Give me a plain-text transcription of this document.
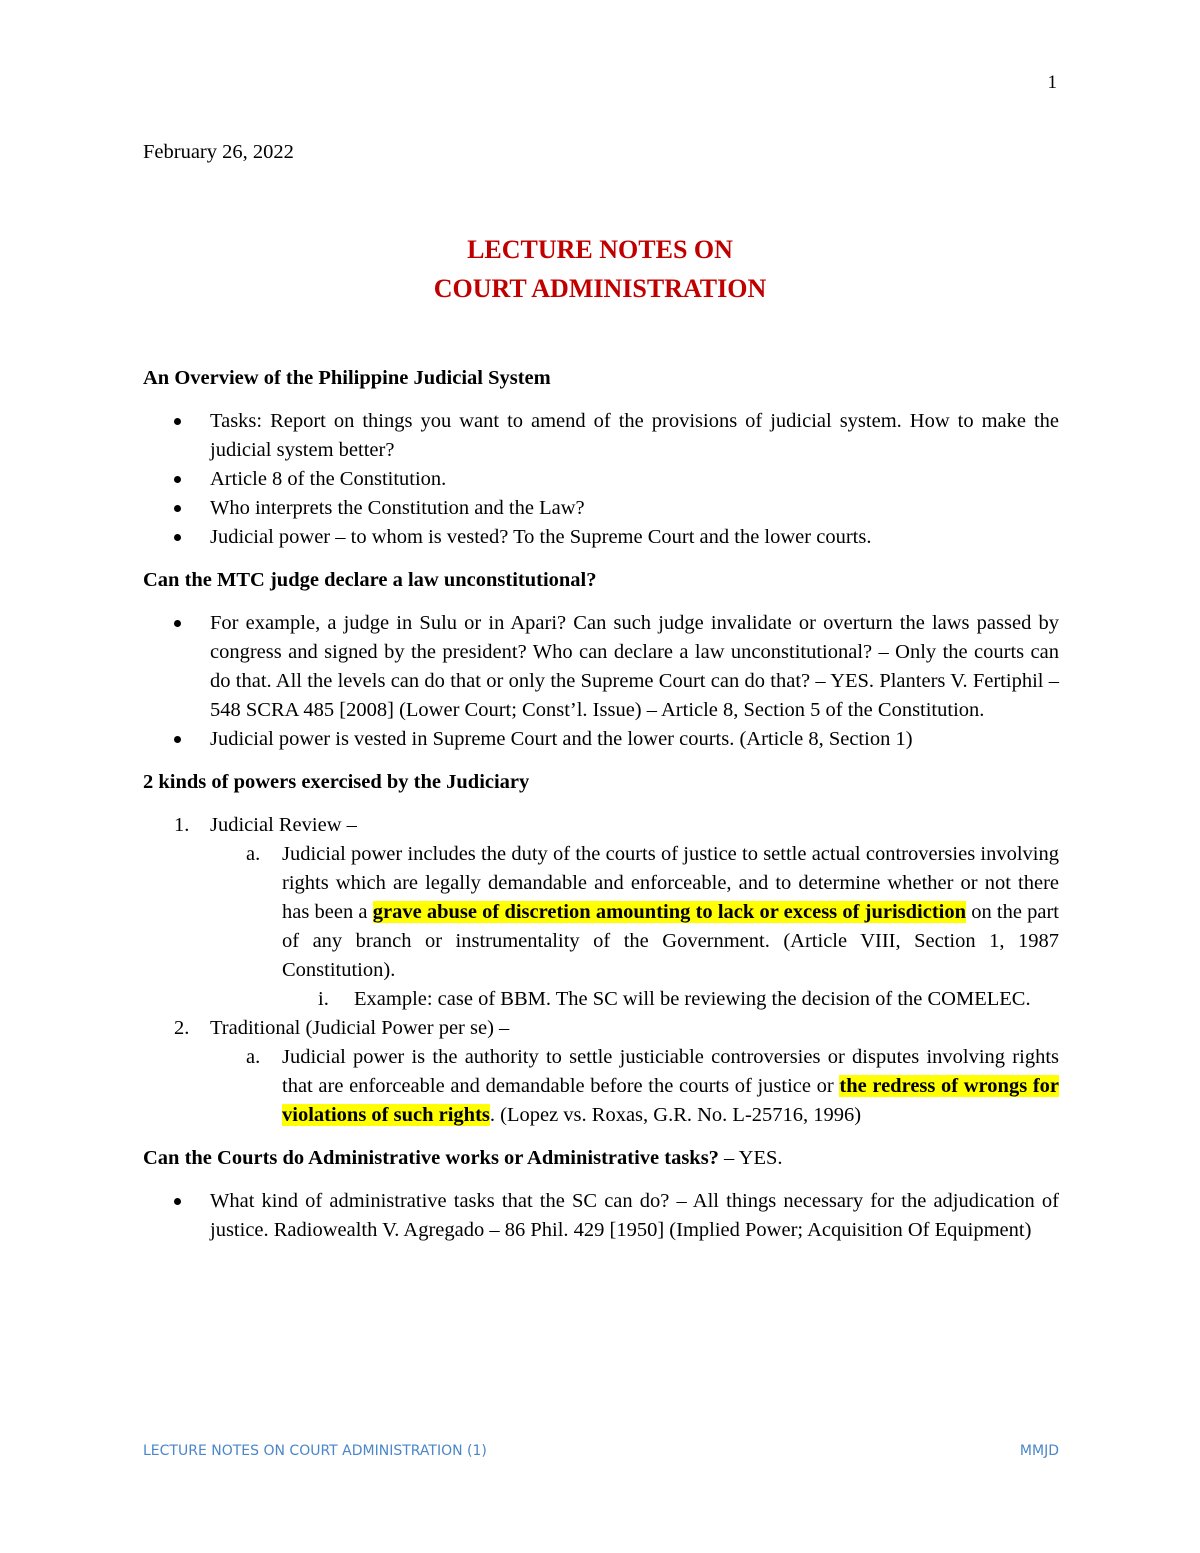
1
February 26, 2022
LECTURE NOTES ON
COURT ADMINISTRATION

An Overview of the Philippine Judicial System

Tasks: Report on things you want to amend of the provisions of judicial system. How to make the judicial system better?
Article 8 of the Constitution.
Who interprets the Constitution and the Law?
Judicial power – to whom is vested? To the Supreme Court and the lower courts.

Can the MTC judge declare a law unconstitutional?

For example, a judge in Sulu or in Apari? Can such judge invalidate or overturn the laws passed by congress and signed by the president? Who can declare a law unconstitutional? – Only the courts can do that. All the levels can do that or only the Supreme Court can do that? – YES. Planters V. Fertiphil – 548 SCRA 485 [2008] (Lower Court; Const’l. Issue) – Article 8, Section 5 of the Constitution.
Judicial power is vested in Supreme Court and the lower courts. (Article 8, Section 1)

2 kinds of powers exercised by the Judiciary

1. Judicial Review –
a. Judicial power includes the duty of the courts of justice to settle actual controversies involving rights which are legally demandable and enforceable, and to determine whether or not there has been a grave abuse of discretion amounting to lack or excess of jurisdiction on the part of any branch or instrumentality of the Government. (Article VIII, Section 1, 1987 Constitution).
i. Example: case of BBM. The SC will be reviewing the decision of the COMELEC.
2. Traditional (Judicial Power per se) –
a. Judicial power is the authority to settle justiciable controversies or disputes involving rights that are enforceable and demandable before the courts of justice or the redress of wrongs for violations of such rights. (Lopez vs. Roxas, G.R. No. L-25716, 1996)

Can the Courts do Administrative works or Administrative tasks? – YES.

What kind of administrative tasks that the SC can do? – All things necessary for the adjudication of justice. Radiowealth V. Agregado – 86 Phil. 429 [1950] (Implied Power; Acquisition Of Equipment)
LECTURE NOTES ON COURT ADMINISTRATION (1)	MMJD
